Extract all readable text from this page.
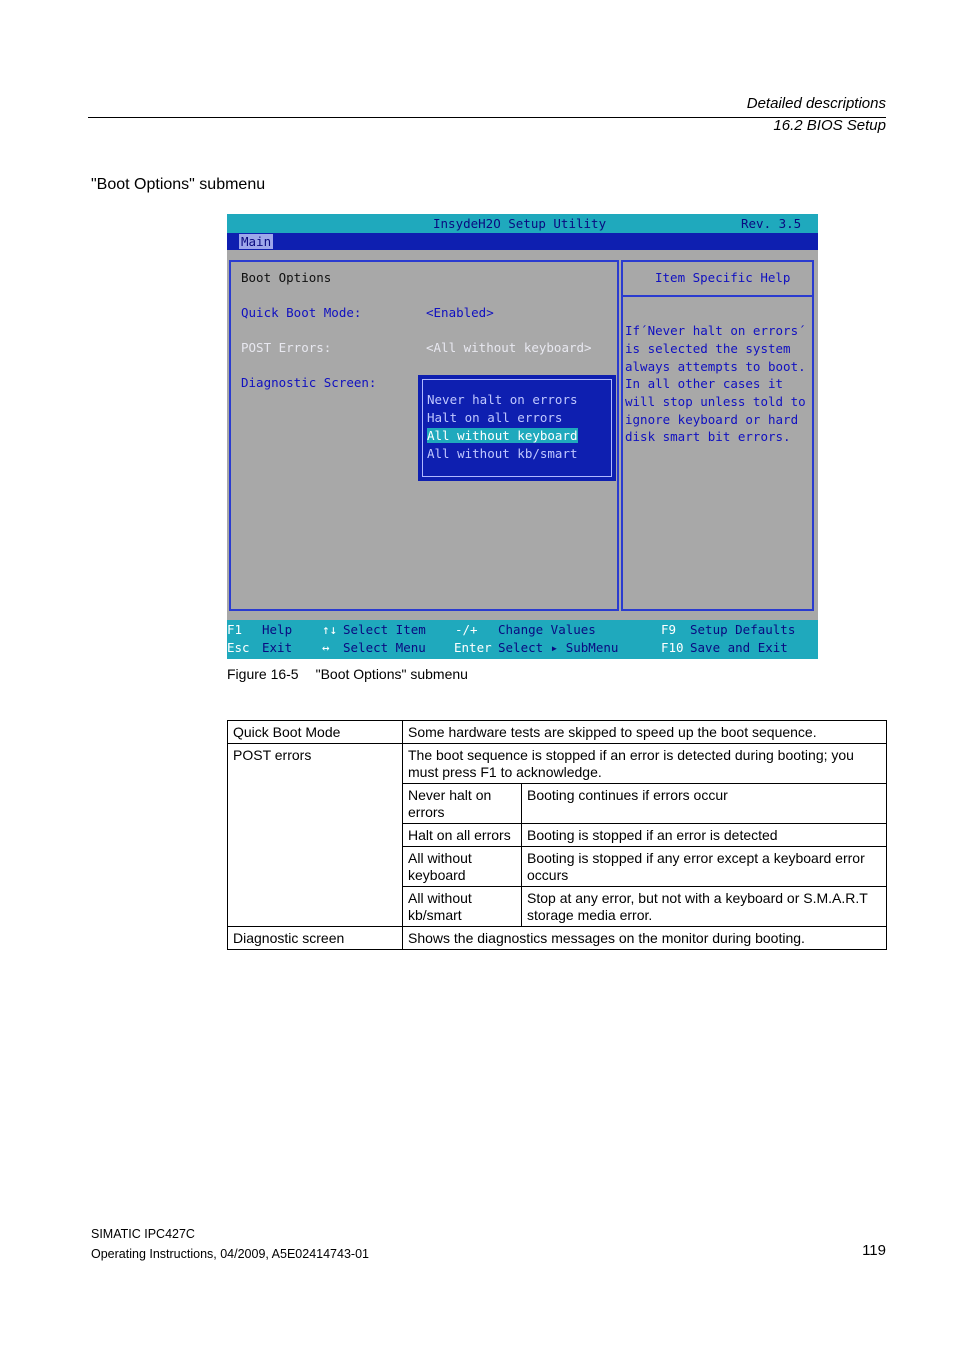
Detailed descriptions
16.2 BIOS Setup
"Boot Options" submenu
InsydeH2O Setup Utility	Rev. 3.5
Main
Boot Options
Quick Boot Mode:	<Enabled>
POST Errors:	<All without keyboard>
Diagnostic Screen:
Never halt on errors
Halt on all errors
All without keyboard
All without kb/smart
Item Specific Help
If´Never halt on errors´
is selected the system
always attempts to boot.
In all other cases it
will stop unless told to
ignore keyboard or hard
disk smart bit errors.
F1 Help ↑↓ Select Item -/+ Change Values	F9 Setup Defaults
Esc Exit ↔ Select Menu Enter Select ▸ SubMenu	F10 Save and Exit
Figure 16-5 "Boot Options" submenu
Quick Boot Mode	Some hardware tests are skipped to speed up the boot sequence.	
POST errors	The boot sequence is stopped if an error is detected during booting; you must press F1 to acknowledge.	
	Never halt on errors	Booting continues if errors occur
	Halt on all errors	Booting is stopped if an error is detected
	All without keyboard	Booting is stopped if any error except a keyboard error occurs
	All without kb/smart	Stop at any error, but not with a keyboard or S.M.A.R.T storage media error.
Diagnostic screen	Shows the diagnostics messages on the monitor during booting.	
SIMATIC IPC427C
Operating Instructions, 04/2009, A5E02414743-01	119
